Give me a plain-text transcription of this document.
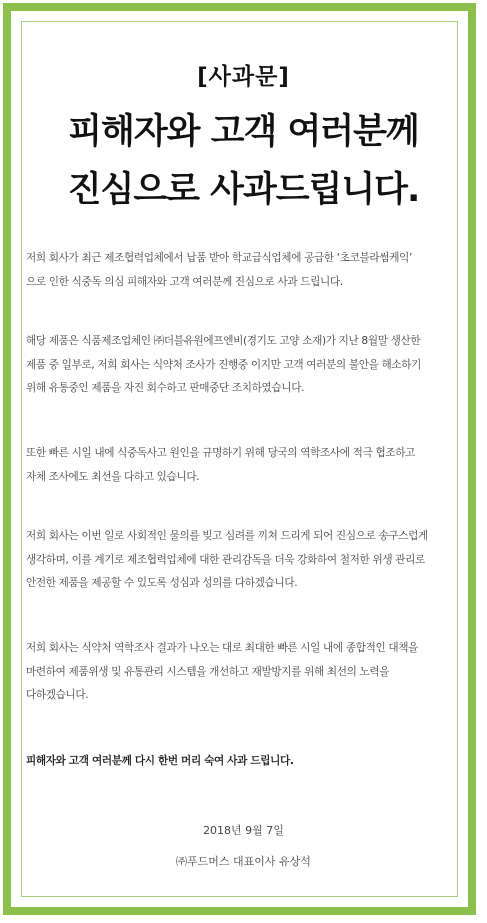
[사과문]
피해자와 고객 여러분께
진심으로 사과드립니다.
저희 회사가 최근 제조협력업체에서 납품 받아 학교급식업체에 공급한 ‘초코블라썸케익’
으로 인한 식중독 의심 피해자와 고객 여러분께 진심으로 사과 드립니다.
해당 제품은 식품제조업체인 ㈜더블유원에프엔비(경기도 고양 소재)가 지난 8월말 생산한
제품 중 일부로, 저희 회사는 식약처 조사가 진행중 이지만 고객 여러분의 불안을 해소하기
위해 유통중인 제품을 자진 회수하고 판매중단 조치하였습니다.
또한 빠른 시일 내에 식중독사고 원인을 규명하기 위해 당국의 역학조사에 적극 협조하고
자체 조사에도 최선을 다하고 있습니다.
저희 회사는 이번 일로 사회적인 물의를 빚고 심려를 끼쳐 드리게 되어 진심으로 송구스럽게
생각하며, 이를 계기로 제조협력업체에 대한 관리감독을 더욱 강화하여 철저한 위생 관리로
안전한 제품을 제공할 수 있도록 성심과 성의를 다하겠습니다.
저희 회사는 식약처 역학조사 결과가 나오는 대로 최대한 빠른 시일 내에 종합적인 대책을
마련하여 제품위생 및 유통관리 시스템을 개선하고 재발방지를 위해 최선의 노력을
다하겠습니다.
피해자와 고객 여러분께 다시 한번 머리 숙여 사과 드립니다.
2018년 9월 7일
㈜푸드머스 대표이사 유상석
